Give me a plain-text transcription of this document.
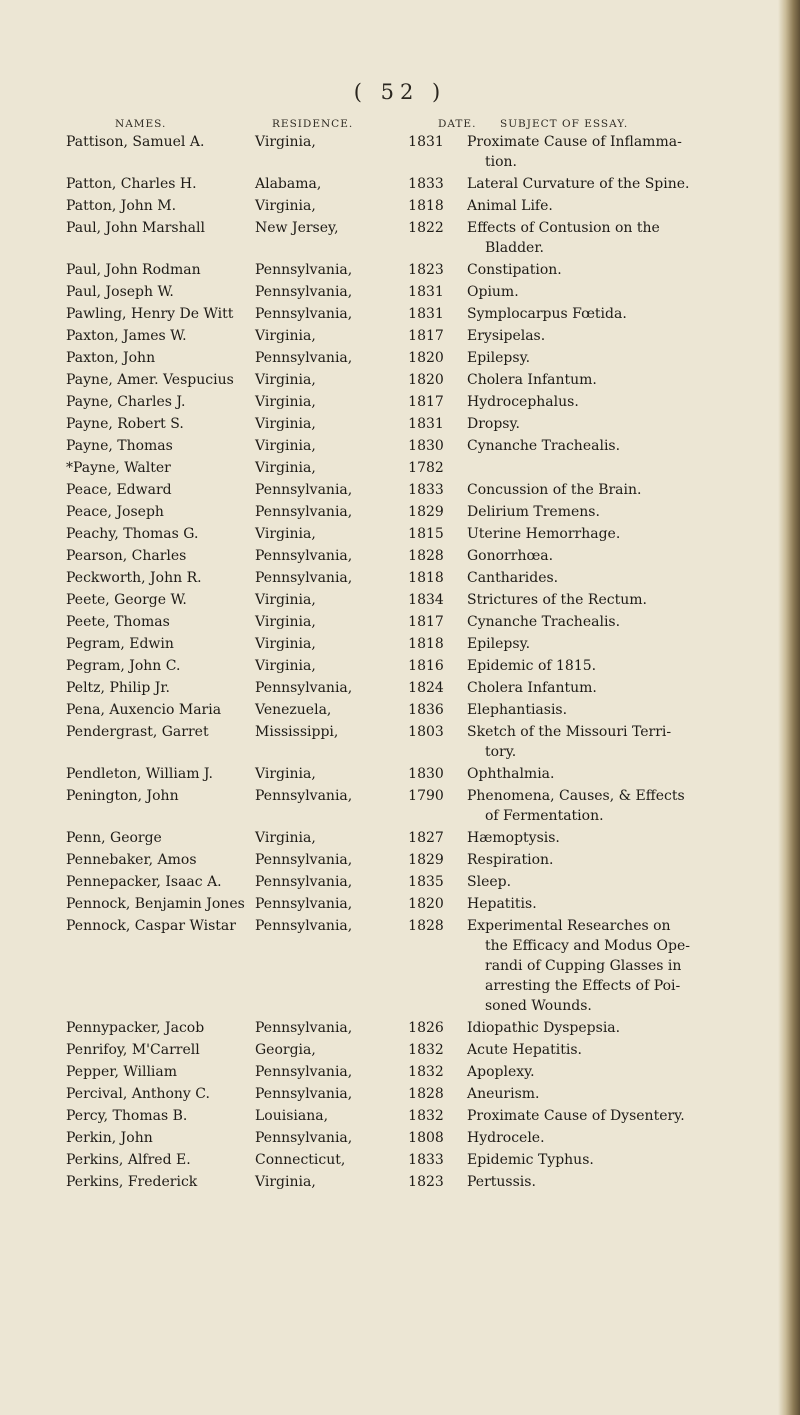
( 52 )
NAMES.	RESIDENCE.	DATE. SUBJECT OF ESSAY.
Pattison, Samuel A.	Virginia,	1831	Proximate Cause of Inflamma-
tion.
Patton, Charles H.	Alabama,	1833	Lateral Curvature of the Spine.
Patton, John M.	Virginia,	1818	Animal Life.
Paul, John Marshall	New Jersey,	1822	Effects of Contusion on the
Bladder.
Paul, John Rodman	Pennsylvania,	1823	Constipation.
Paul, Joseph W.	Pennsylvania,	1831	Opium.
Pawling, Henry De Witt Pennsylvania,	1831	Symplocarpus Fœtida.
Paxton, James W.	Virginia,	1817	Erysipelas.
Paxton, John	Pennsylvania,	1820	Epilepsy.
Payne, Amer. Vespucius Virginia,	1820	Cholera Infantum.
Payne, Charles J.	Virginia,	1817	Hydrocephalus.
Payne, Robert S.	Virginia,	1831	Dropsy.
Payne, Thomas	Virginia,	1830	Cynanche Trachealis.
*Payne, Walter	Virginia,	1782
Peace, Edward	Pennsylvania,	1833	Concussion of the Brain.
Peace, Joseph	Pennsylvania,	1829	Delirium Tremens.
Peachy, Thomas G.	Virginia,	1815	Uterine Hemorrhage.
Pearson, Charles	Pennsylvania,	1828	Gonorrhœa.
Peckworth, John R.	Pennsylvania,	1818	Cantharides.
Peete, George W.	Virginia,	1834	Strictures of the Rectum.
Peete, Thomas	Virginia,	1817	Cynanche Trachealis.
Pegram, Edwin	Virginia,	1818	Epilepsy.
Pegram, John C.	Virginia,	1816	Epidemic of 1815.
Peltz, Philip Jr.	Pennsylvania,	1824	Cholera Infantum.
Pena, Auxencio Maria Venezuela,	1836	Elephantiasis.
Pendergrast, Garret	Mississippi,	1803	Sketch of the Missouri Terri-
tory.
Pendleton, William J.	Virginia,	1830	Ophthalmia.
Penington, John	Pennsylvania,	1790	Phenomena, Causes, & Effects
of Fermentation.
Penn, George	Virginia,	1827	Hæmoptysis.
Pennebaker, Amos	Pennsylvania,	1829	Respiration.
Pennepacker, Isaac A. Pennsylvania,	1835	Sleep.
Pennock, Benjamin Jones Pennsylvania,	1820	Hepatitis.
Pennock, Caspar Wistar Pennsylvania,	1828	Experimental Researches on
the Efficacy and Modus Ope-
randi of Cupping Glasses in
arresting the Effects of Poi-
soned Wounds.
Pennypacker, Jacob	Pennsylvania,	1826	Idiopathic Dyspepsia.
Penrifoy, M'Carrell	Georgia,	1832	Acute Hepatitis.
Pepper, William	Pennsylvania,	1832	Apoplexy.
Percival, Anthony C.	Pennsylvania,	1828	Aneurism.
Percy, Thomas B.	Louisiana,	1832	Proximate Cause of Dysentery.
Perkin, John	Pennsylvania,	1808	Hydrocele.
Perkins, Alfred E.	Connecticut,	1833	Epidemic Typhus.
Perkins, Frederick	Virginia,	1823	Pertussis.
